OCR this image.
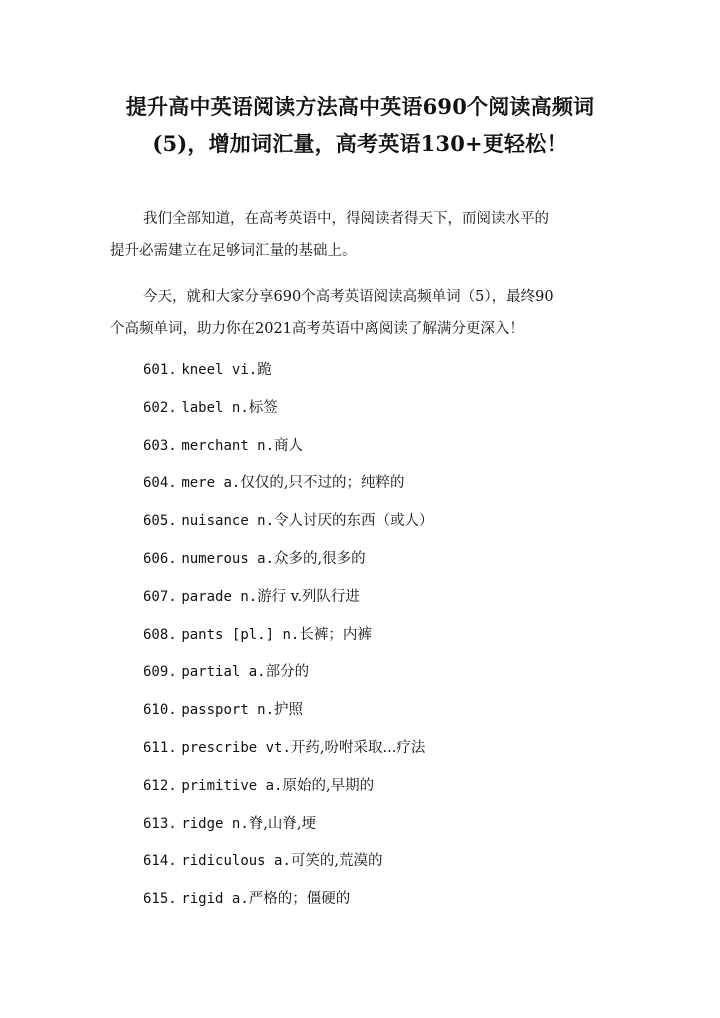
提升高中英语阅读方法高中英语690个阅读高频词
(5)，增加词汇量，高考英语130+更轻松！
我们全部知道，在高考英语中，得阅读者得天下，而阅读水平的
提升必需建立在足够词汇量的基础上。
今天，就和大家分享690个高考英语阅读高频单词（5），最终90
个高频单词，助力你在2021高考英语中离阅读了解满分更深入！
601. kneel vi.跪
602. label n.标签
603. merchant n.商人
604. mere a.仅仅的,只不过的；纯粹的
605. nuisance n.令人讨厌的东西（或人）
606. numerous a.众多的,很多的
607. parade n.游行 v.列队行进
608. pants [pl.] n.长裤；内裤
609. partial a.部分的
610. passport n.护照
611. prescribe vt.开药,吩咐采取...疗法
612. primitive a.原始的,早期的
613. ridge n.脊,山脊,埂
614. ridiculous a.可笑的,荒漠的
615. rigid a.严格的；僵硬的
